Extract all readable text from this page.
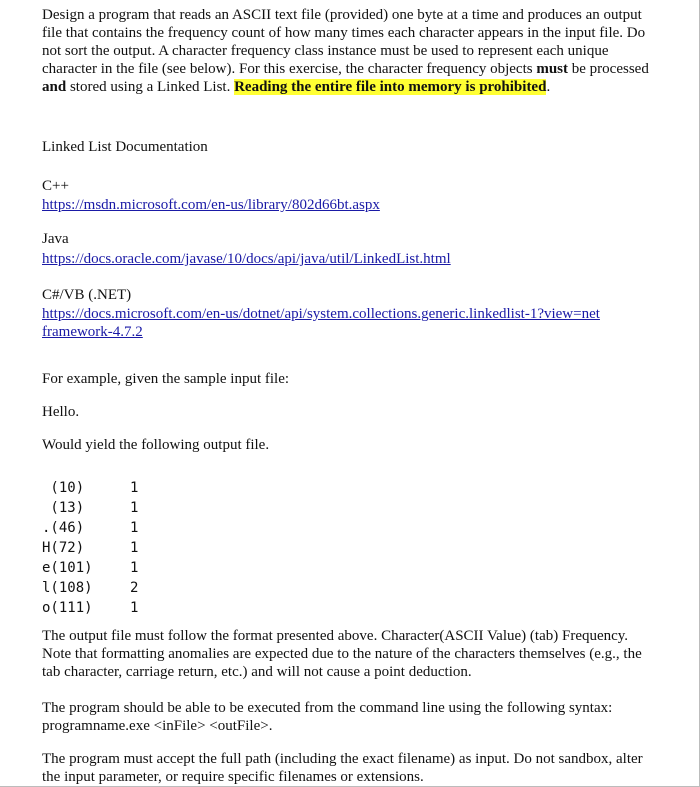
Design a program that reads an ASCII text file (provided) one byte at a time and produces an output file that contains the frequency count of how many times each character appears in the input file. Do not sort the output. A character frequency class instance must be used to represent each unique character in the file (see below). For this exercise, the character frequency objects must be processed and stored using a Linked List. Reading the entire file into memory is prohibited.

Linked List Documentation

C++

https://msdn.microsoft.com/en-us/library/802d66bt.aspx

Java

https://docs.oracle.com/javase/10/docs/api/java/util/LinkedList.html

C#/VB (.NET)

https://docs.microsoft.com/en-us/dotnet/api/system.collections.generic.linkedlist-1?view=netframework-4.7.2

For example, given the sample input file:

Hello.

Would yield the following output file.

(10)	1
(13)	1
.(46)	1
H(72)	1
e(101)	1
l(108)	2
o(111)	1

The output file must follow the format presented above. Character(ASCII Value) (tab) Frequency. Note that formatting anomalies are expected due to the nature of the characters themselves (e.g., the tab character, carriage return, etc.) and will not cause a point deduction.

The program should be able to be executed from the command line using the following syntax: programname.exe <inFile> <outFile>.

The program must accept the full path (including the exact filename) as input. Do not sandbox, alter the input parameter, or require specific filenames or extensions.
